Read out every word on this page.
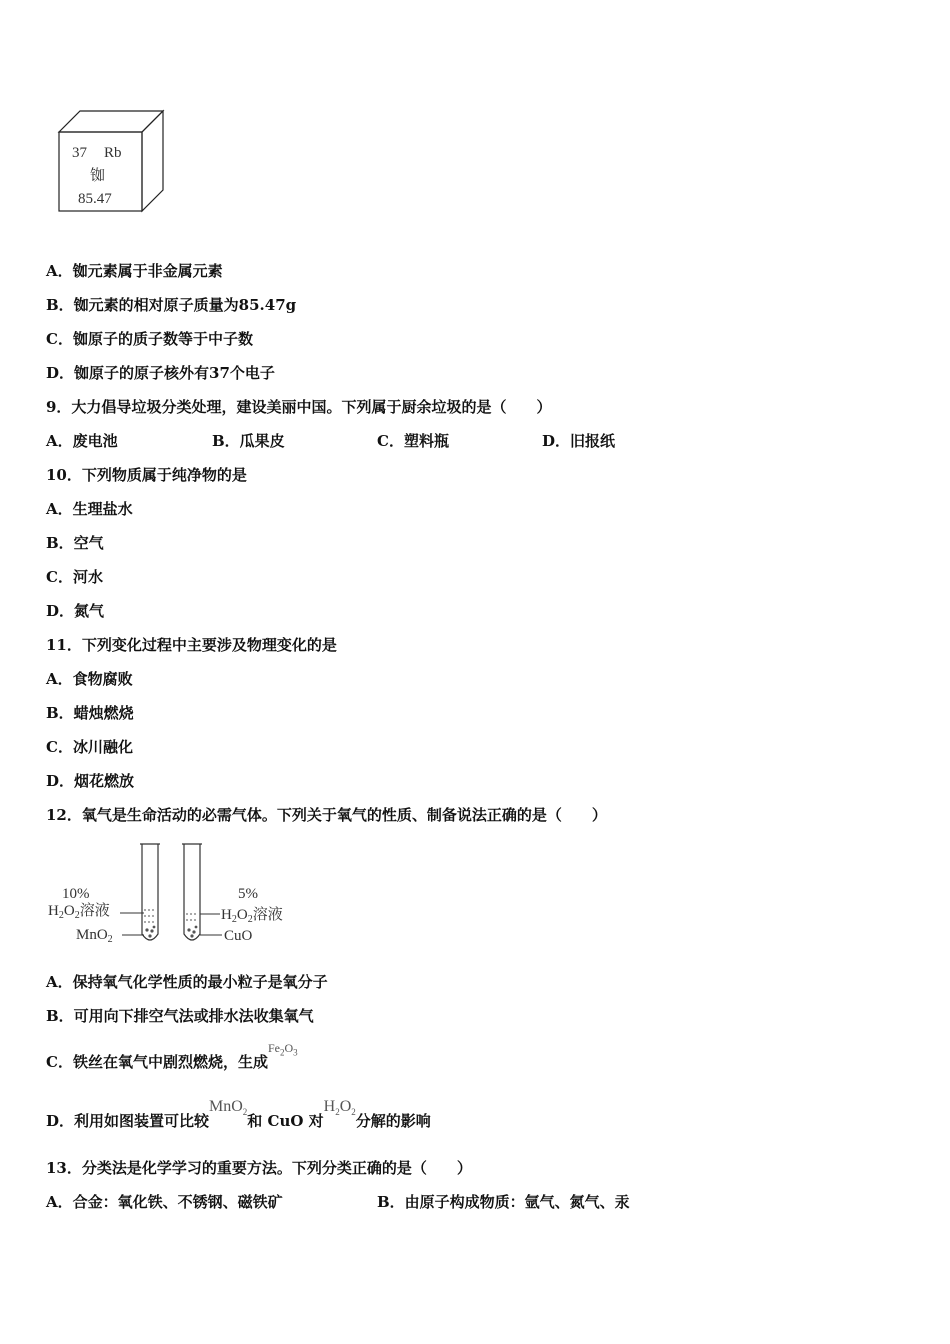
37 Rb
铷
85.47
A．铷元素属于非金属元素
B．铷元素的相对原子质量为85.47g
C．铷原子的质子数等于中子数
D．铷原子的原子核外有37个电子
9．大力倡导垃圾分类处理，建设美丽中国。下列属于厨余垃圾的是（　　）
A．废电池	B．瓜果皮	C．塑料瓶	D．旧报纸
10．下列物质属于纯净物的是
A．生理盐水
B．空气
C．河水
D．氮气
11．下列变化过程中主要涉及物理变化的是
A．食物腐败
B．蜡烛燃烧
C．冰川融化
D．烟花燃放
12．氧气是生命活动的必需气体。下列关于氧气的性质、制备说法正确的是（　　）
10%
$H_2O_2$溶液
MnO$_2$
5%
$H_2O_2$溶液
CuO
A．保持氧气化学性质的最小粒子是氧分子
B．可用向下排空气法或排水法收集氧气
C．铁丝在氧气中剧烈燃烧，生成$Fe_2O_3$
D．利用如图装置可比较MnO$_2$和 CuO 对$H_2O_2$分解的影响
13．分类法是化学学习的重要方法。下列分类正确的是（　　）
A．合金：氧化铁、不锈钢、磁铁矿	B．由原子构成物质：氩气、氮气、汞
